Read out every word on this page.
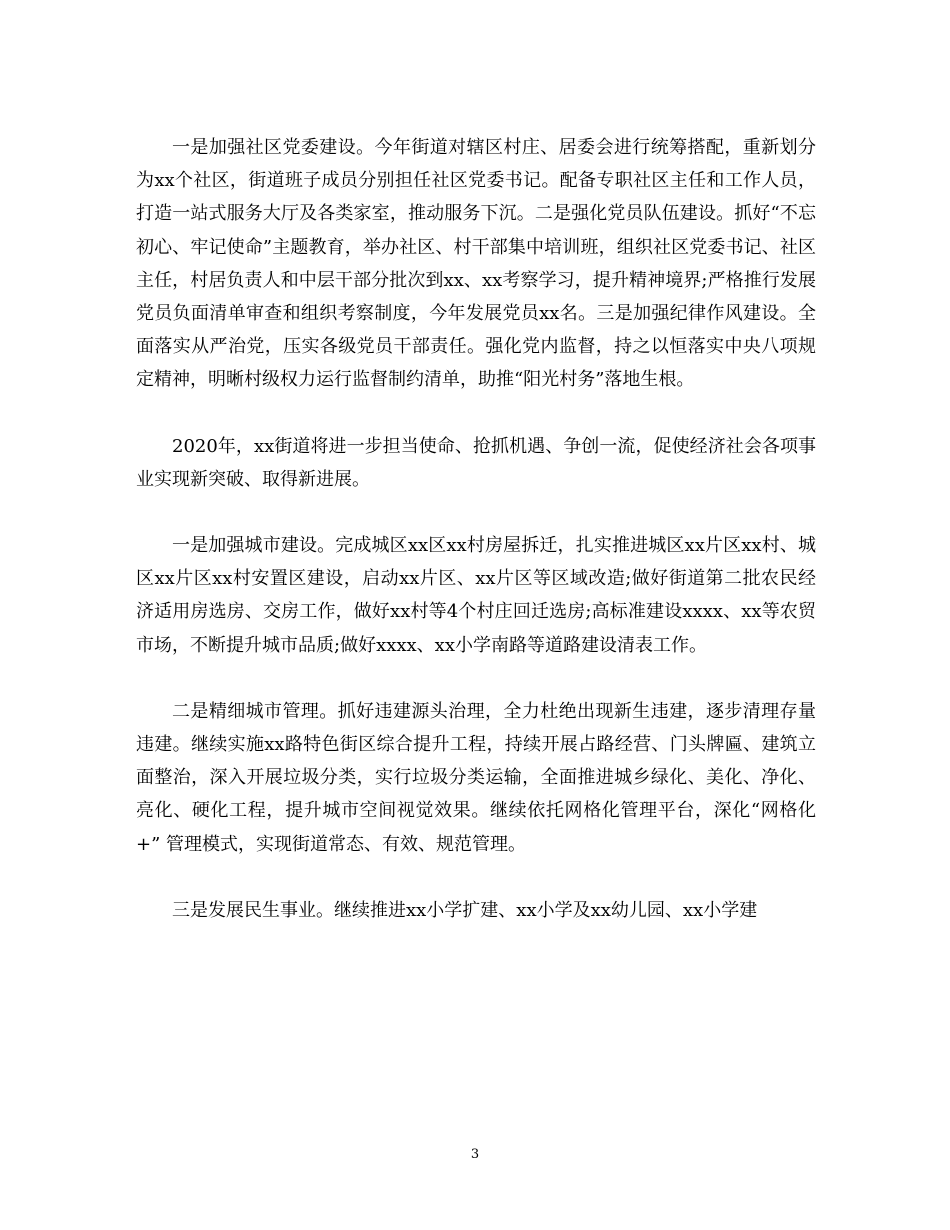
一是加强社区党委建设。今年街道对辖区村庄、居委会进行统筹搭配，重新划分为xx个社区，街道班子成员分别担任社区党委书记。配备专职社区主任和工作人员，打造一站式服务大厅及各类家室，推动服务下沉。二是强化党员队伍建设。抓好“不忘初心、牢记使命”主题教育，举办社区、村干部集中培训班，组织社区党委书记、社区主任，村居负责人和中层干部分批次到xx、xx考察学习，提升精神境界;严格推行发展党员负面清单审查和组织考察制度，今年发展党员xx名。三是加强纪律作风建设。全面落实从严治党，压实各级党员干部责任。强化党内监督，持之以恒落实中央八项规定精神，明晰村级权力运行监督制约清单，助推“阳光村务”落地生根。

2020年，xx街道将进一步担当使命、抢抓机遇、争创一流，促使经济社会各项事业实现新突破、取得新进展。

一是加强城市建设。完成城区xx区xx村房屋拆迁，扎实推进城区xx片区xx村、城区xx片区xx村安置区建设，启动xx片区、xx片区等区域改造;做好街道第二批农民经济适用房选房、交房工作，做好xx村等4个村庄回迁选房;高标准建设xxxx、xx等农贸市场，不断提升城市品质;做好xxxx、xx小学南路等道路建设清表工作。

二是精细城市管理。抓好违建源头治理，全力杜绝出现新生违建，逐步清理存量违建。继续实施xx路特色街区综合提升工程，持续开展占路经营、门头牌匾、建筑立面整治，深入开展垃圾分类，实行垃圾分类运输，全面推进城乡绿化、美化、净化、亮化、硬化工程，提升城市空间视觉效果。继续依托网格化管理平台，深化“网格化+” 管理模式，实现街道常态、有效、规范管理。

三是发展民生事业。继续推进xx小学扩建、xx小学及xx幼儿园、xx小学建

3
